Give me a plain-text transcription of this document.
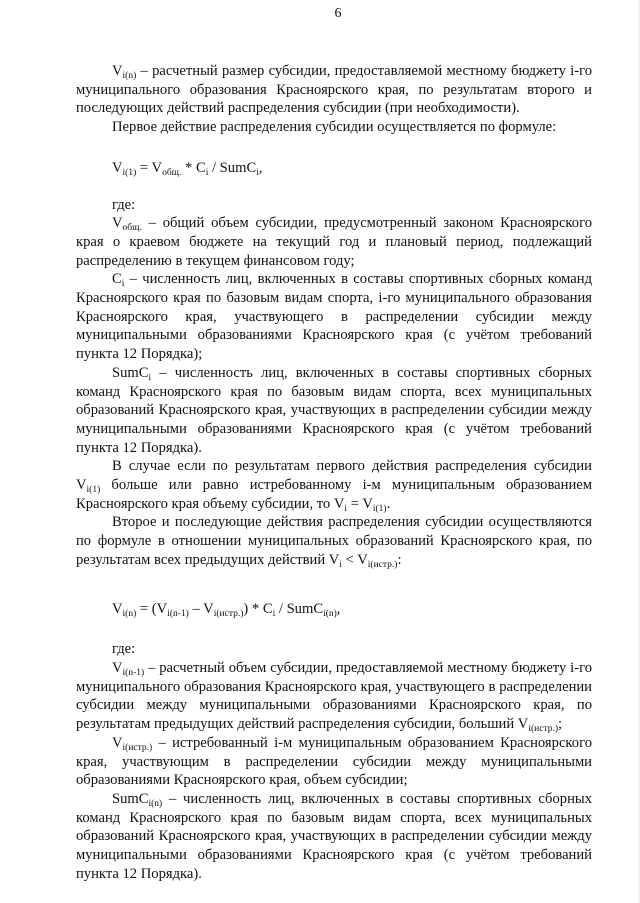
6

$V_{i(n)}$ – расчетный размер субсидии, предоставляемой местному бюджету i-го муниципального образования Красноярского края, по результатам второго и последующих действий распределения субсидии (при необходимости).

Первое действие распределения субсидии осуществляется по формуле:

$V_{i(1)} = V_{общ.} * C_i$ / SumC$_i$,

где:

$V_{общ.}$ – общий объем субсидии, предусмотренный законом Красноярского края о краевом бюджете на текущий год и плановый период, подлежащий распределению в текущем финансовом году;

$C_i$ – численность лиц, включенных в составы спортивных сборных команд Красноярского края по базовым видам спорта, i-го муниципального образования Красноярского края, участвующего в распределении субсидии между муниципальными образованиями Красноярского края (с учётом требований пункта 12 Порядка);

SumC$_i$ – численность лиц, включенных в составы спортивных сборных команд Красноярского края по базовым видам спорта, всех муниципальных образований Красноярского края, участвующих в распределении субсидии между муниципальными образованиями Красноярского края (с учётом требований пункта 12 Порядка).

В случае если по результатам первого действия распределения субсидии $V_{i(1)}$ больше или равно истребованному i-м муниципальным образованием Красноярского края объему субсидии, то $V_i = V_{i(1)}$.

Второе и последующие действия распределения субсидии осуществляются по формуле в отношении муниципальных образований Красноярского края, по результатам всех предыдущих действий $V_i < V_{i(истр.)}$:

$V_{i(n)} = (V_{i(n-1)} - V_{i(истр.)}) * C_i$ / SumC$_{i(n)}$,

где:

$V_{i(n-1)}$ – расчетный объем субсидии, предоставляемой местному бюджету i-го муниципального образования Красноярского края, участвующего в распределении субсидии между муниципальными образованиями Красноярского края, по результатам предыдущих действий распределения субсидии, больший $V_{i(истр.)}$;

$V_{i(истр.)}$ – истребованный i-м муниципальным образованием Красноярского края, участвующим в распределении субсидии между муниципальными образованиями Красноярского края, объем субсидии;

SumC$_{i(n)}$ – численность лиц, включенных в составы спортивных сборных команд Красноярского края по базовым видам спорта, всех муниципальных образований Красноярского края, участвующих в распределении субсидии между муниципальными образованиями Красноярского края (с учётом требований пункта 12 Порядка).
